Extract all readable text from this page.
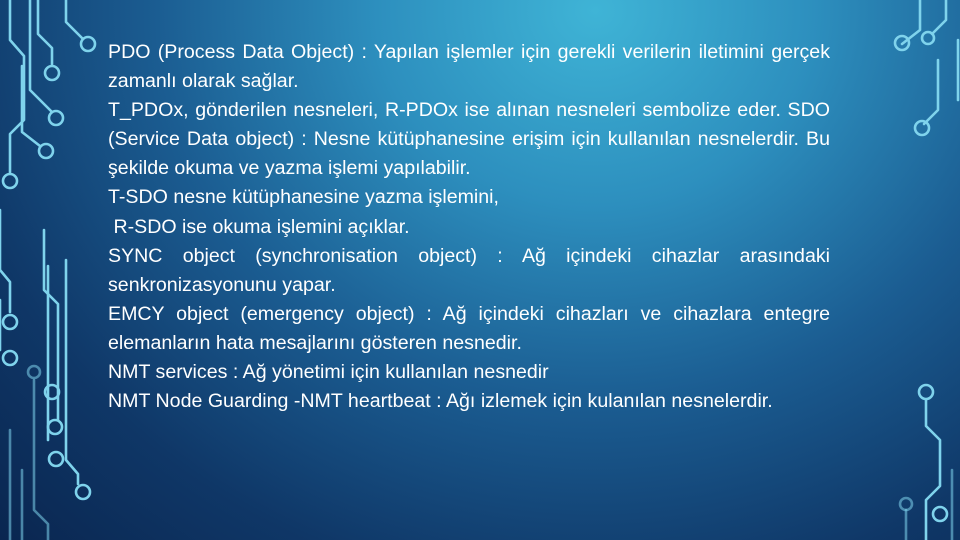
PDO (Process Data Object) : Yapılan işlemler için gerekli verilerin iletimini gerçek zamanlı olarak sağlar.

T_PDOx, gönderilen nesneleri, R-PDOx ise alınan nesneleri sembolize eder. SDO (Service Data object) : Nesne kütüphanesine erişim için kullanılan nesnelerdir. Bu şekilde okuma ve yazma işlemi yapılabilir.

T-SDO nesne kütüphanesine yazma işlemini,

R-SDO ise okuma işlemini açıklar.

SYNC object (synchronisation object) : Ağ içindeki cihazlar arasındaki senkronizasyonunu yapar.

EMCY object (emergency object) : Ağ içindeki cihazları ve cihazlara entegre elemanların hata mesajlarını gösteren nesnedir.

NMT services : Ağ yönetimi için kullanılan nesnedir

NMT Node Guarding -NMT heartbeat : Ağı izlemek için kulanılan nesnelerdir.
